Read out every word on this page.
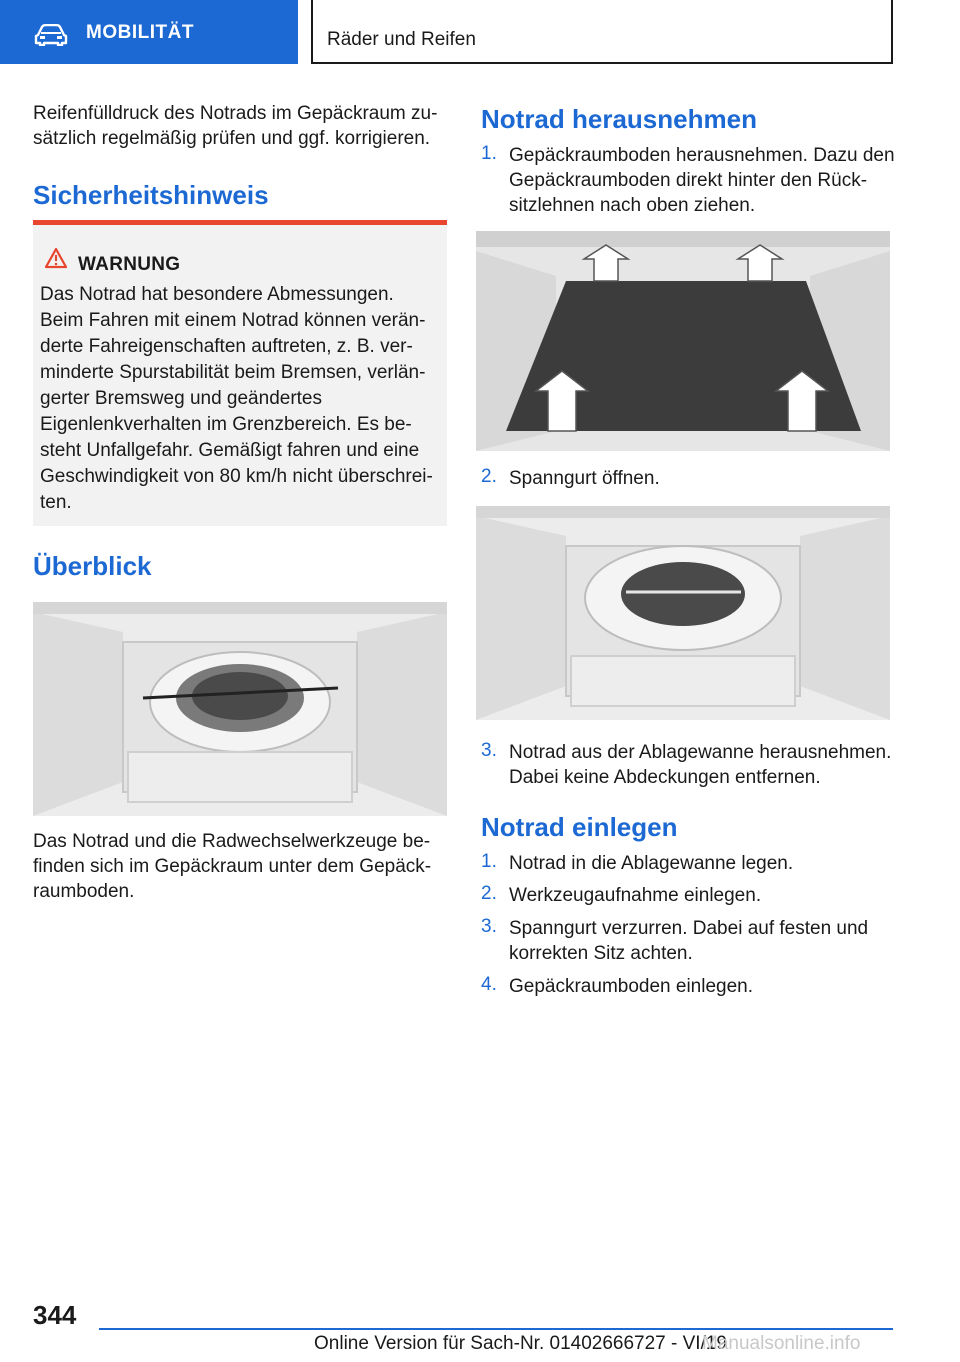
MOBILITÄT	Räder und Reifen

Reifenfülldruck des Notrads im Gepäckraum zu-sätzlich regelmäßig prüfen und ggf. korrigieren.

Sicherheitshinweis
WARNUNG
Das Notrad hat besondere Abmessungen. Beim Fahren mit einem Notrad können verän-derte Fahreigenschaften auftreten, z. B. ver-minderte Spurstabilität beim Bremsen, verlän-gerter Bremsweg und geändertes Eigenlenkverhalten im Grenzbereich. Es be-steht Unfallgefahr. Gemäßigt fahren und eine Geschwindigkeit von 80 km/h nicht überschrei-ten.
Überblick

Das Notrad und die Radwechselwerkzeuge be-finden sich im Gepäckraum unter dem Gepäck-raumboden.

Notrad herausnehmen
1. Gepäckraumboden herausnehmen. Dazu den Gepäckraumboden direkt hinter den Rück-sitzlehnen nach oben ziehen.
2. Spanngurt öffnen.
3. Notrad aus der Ablagewanne herausnehmen. Dabei keine Abdeckungen entfernen.
Notrad einlegen
1. Notrad in die Ablagewanne legen.
2. Werkzeugaufnahme einlegen.
3. Spanngurt verzurren. Dabei auf festen und korrekten Sitz achten.
4. Gepäckraumboden einlegen.
344
Online Version für Sach-Nr. 01402666727 - VI/19
Manualsonline.info
